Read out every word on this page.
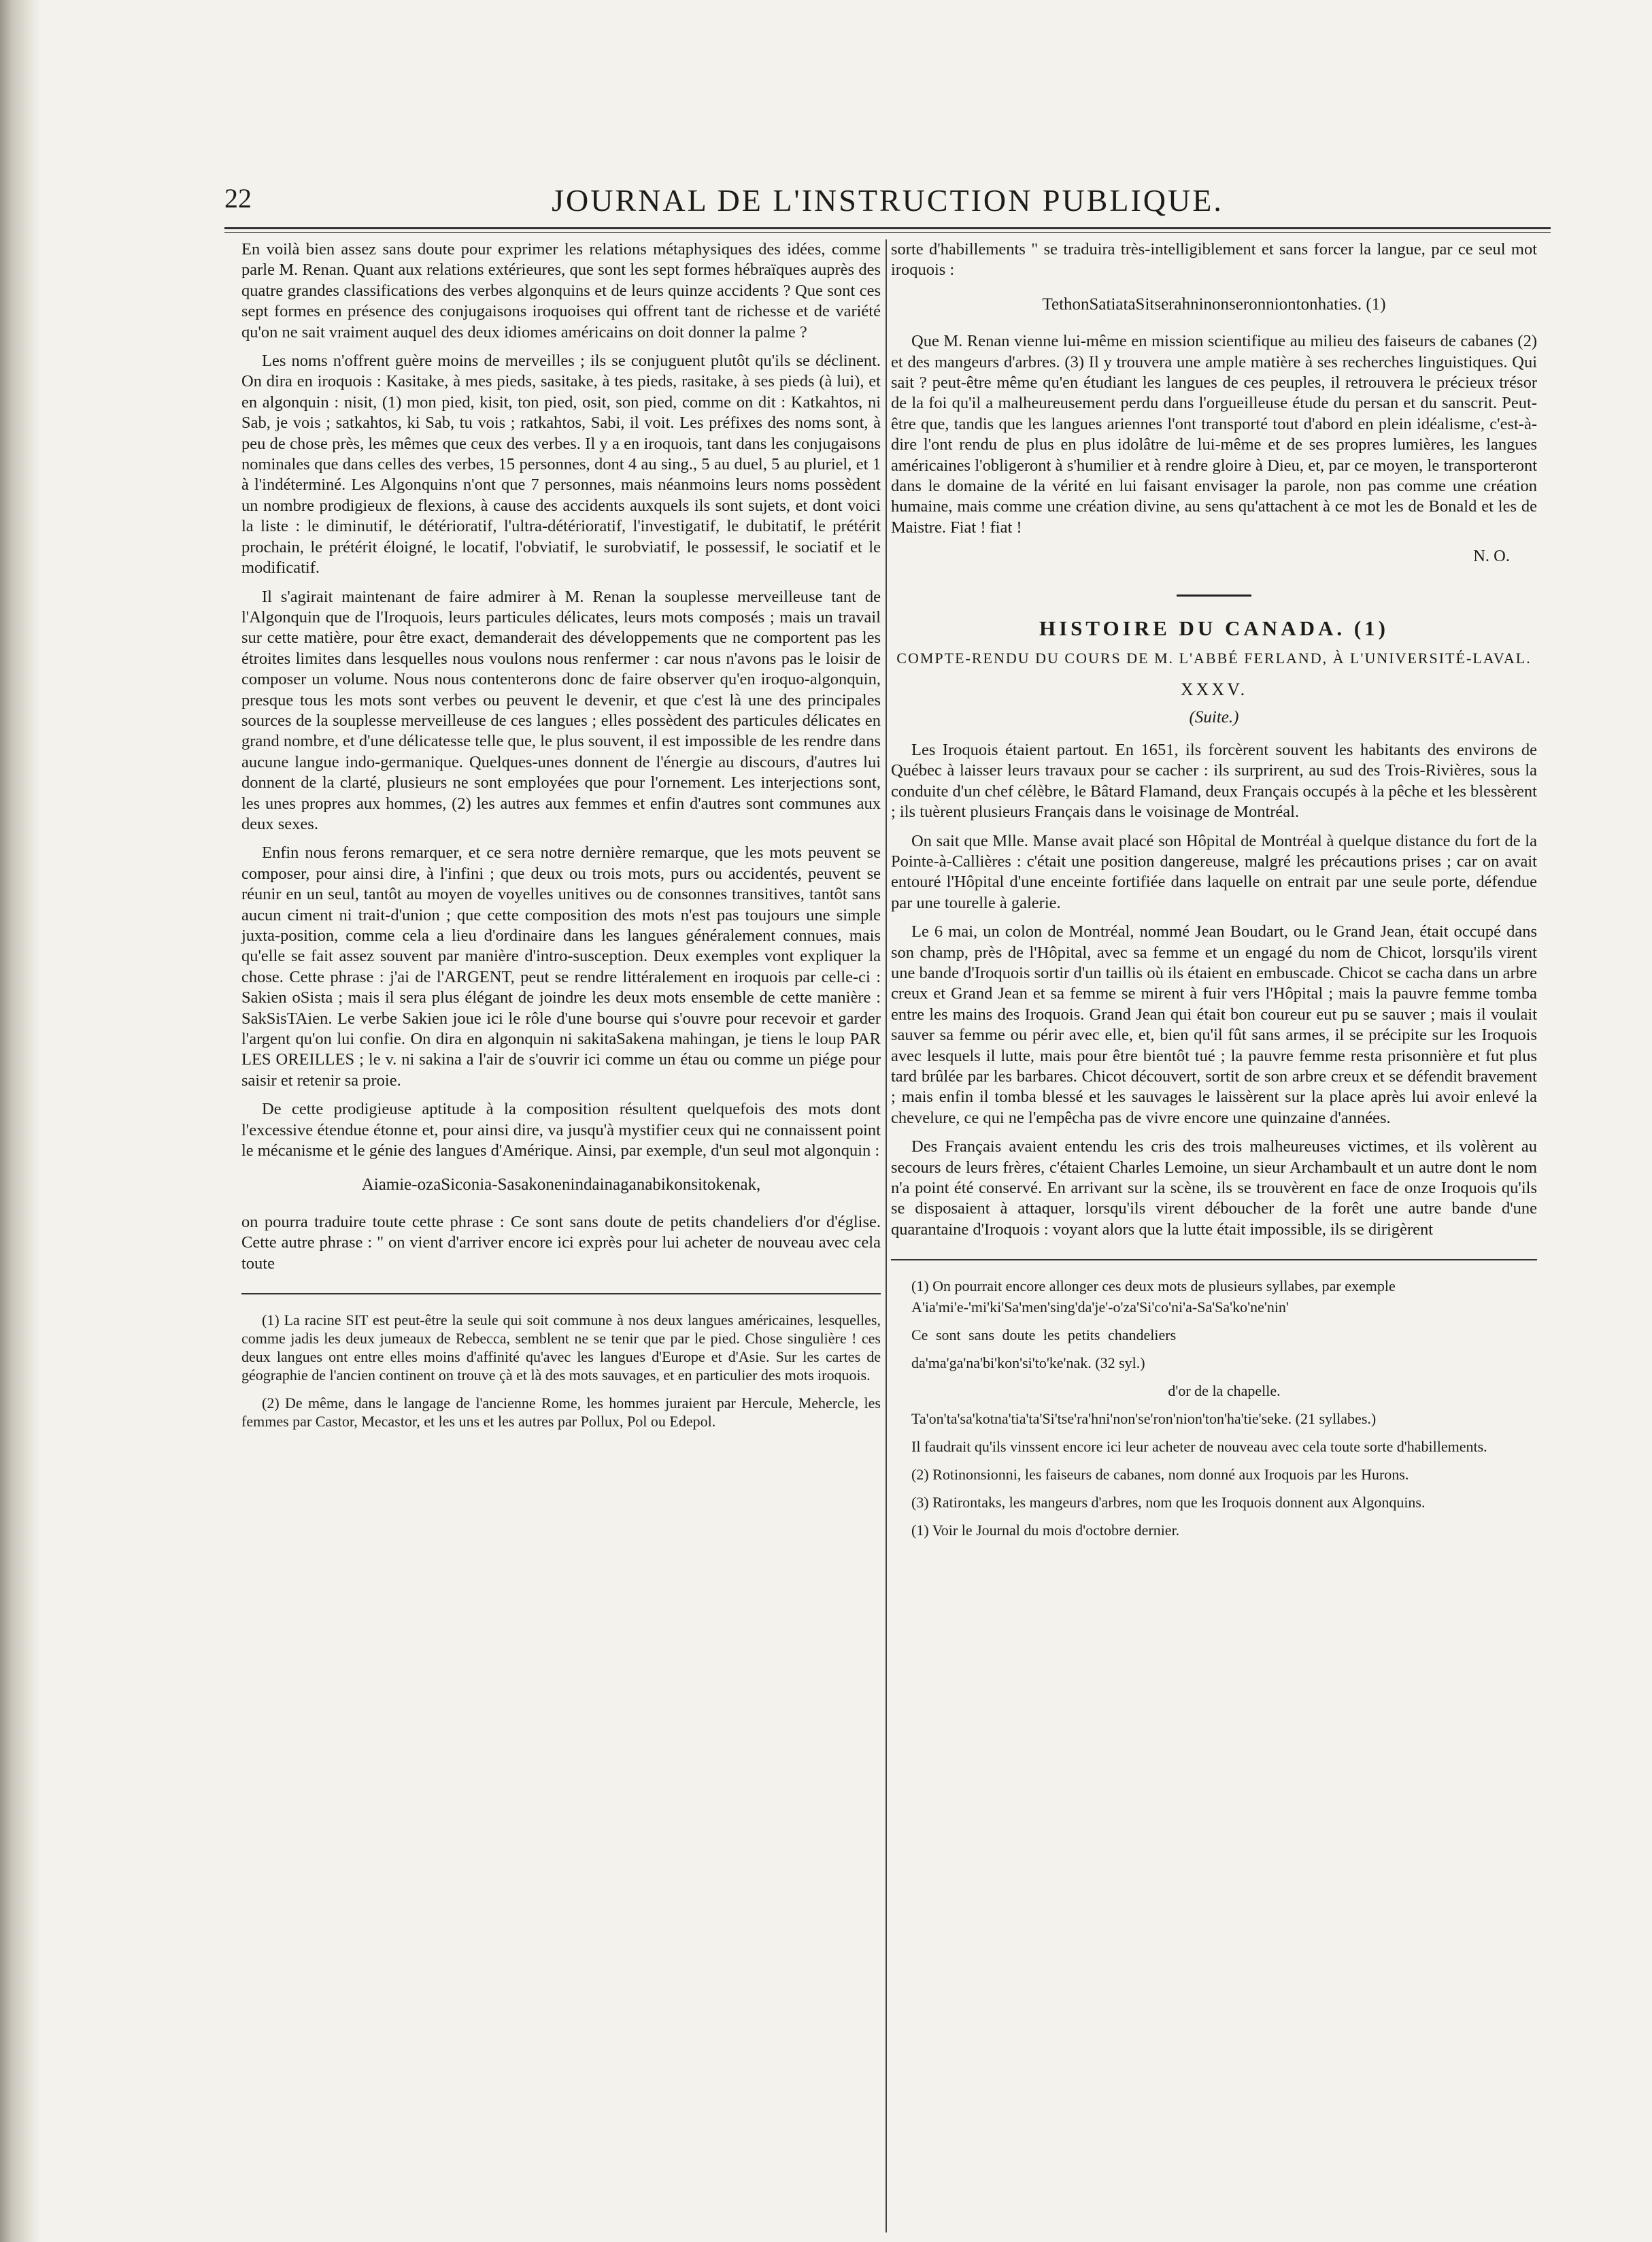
22	JOURNAL DE L'INSTRUCTION PUBLIQUE.

En voilà bien assez sans doute pour exprimer les relations métaphysiques des idées, comme parle M. Renan. Quant aux relations extérieures, que sont les sept formes hébraïques auprès des quatre grandes classifications des verbes algonquins et de leurs quinze accidents ? Que sont ces sept formes en présence des conjugaisons iroquoises qui offrent tant de richesse et de variété qu'on ne sait vraiment auquel des deux idiomes américains on doit donner la palme ?

Les noms n'offrent guère moins de merveilles ; ils se conjuguent plutôt qu'ils se déclinent. On dira en iroquois : Kasitake, à mes pieds, sasitake, à tes pieds, rasitake, à ses pieds (à lui), et en algonquin : nisit, (1) mon pied, kisit, ton pied, osit, son pied, comme on dit : Katkahtos, ni Sab, je vois ; satkahtos, ki Sab, tu vois ; ratkahtos, Sabi, il voit. Les préfixes des noms sont, à peu de chose près, les mêmes que ceux des verbes. Il y a en iroquois, tant dans les conjugaisons nominales que dans celles des verbes, 15 personnes, dont 4 au sing., 5 au duel, 5 au pluriel, et 1 à l'indéterminé. Les Algonquins n'ont que 7 personnes, mais néanmoins leurs noms possèdent un nombre prodigieux de flexions, à cause des accidents auxquels ils sont sujets, et dont voici la liste : le diminutif, le détérioratif, l'ultra-détérioratif, l'investigatif, le dubitatif, le prétérit prochain, le prétérit éloigné, le locatif, l'obviatif, le surobviatif, le possessif, le sociatif et le modificatif.

Il s'agirait maintenant de faire admirer à M. Renan la souplesse merveilleuse tant de l'Algonquin que de l'Iroquois, leurs particules délicates, leurs mots composés ; mais un travail sur cette matière, pour être exact, demanderait des développements que ne comportent pas les étroites limites dans lesquelles nous voulons nous renfermer : car nous n'avons pas le loisir de composer un volume. Nous nous contenterons donc de faire observer qu'en iroquo-algonquin, presque tous les mots sont verbes ou peuvent le devenir, et que c'est là une des principales sources de la souplesse merveilleuse de ces langues ; elles possèdent des particules délicates en grand nombre, et d'une délicatesse telle que, le plus souvent, il est impossible de les rendre dans aucune langue indo-germanique. Quelques-unes donnent de l'énergie au discours, d'autres lui donnent de la clarté, plusieurs ne sont employées que pour l'ornement. Les interjections sont, les unes propres aux hommes, (2) les autres aux femmes et enfin d'autres sont communes aux deux sexes.

Enfin nous ferons remarquer, et ce sera notre dernière remarque, que les mots peuvent se composer, pour ainsi dire, à l'infini ; que deux ou trois mots, purs ou accidentés, peuvent se réunir en un seul, tantôt au moyen de voyelles unitives ou de consonnes transitives, tantôt sans aucun ciment ni trait-d'union ; que cette composition des mots n'est pas toujours une simple juxta-position, comme cela a lieu d'ordinaire dans les langues généralement connues, mais qu'elle se fait assez souvent par manière d'intro-susception. Deux exemples vont expliquer la chose. Cette phrase : j'ai de l'ARGENT, peut se rendre littéralement en iroquois par celle-ci : Sakien oSista ; mais il sera plus élégant de joindre les deux mots ensemble de cette manière : SakSisTAien. Le verbe Sakien joue ici le rôle d'une bourse qui s'ouvre pour recevoir et garder l'argent qu'on lui confie. On dira en algonquin ni sakitaSakena mahingan, je tiens le loup PAR LES OREILLES ; le v. ni sakina a l'air de s'ouvrir ici comme un étau ou comme un piége pour saisir et retenir sa proie.

De cette prodigieuse aptitude à la composition résultent quelquefois des mots dont l'excessive étendue étonne et, pour ainsi dire, va jusqu'à mystifier ceux qui ne connaissent point le mécanisme et le génie des langues d'Amérique. Ainsi, par exemple, d'un seul mot algonquin :

Aiamie-ozaSiconia-Sasakonenindainaganabikonsitokenak,

on pourra traduire toute cette phrase : Ce sont sans doute de petits chandeliers d'or d'église. Cette autre phrase : " on vient d'arriver encore ici exprès pour lui acheter de nouveau avec cela toute

(1) La racine SIT est peut-être la seule qui soit commune à nos deux langues américaines, lesquelles, comme jadis les deux jumeaux de Rebecca, semblent ne se tenir que par le pied. Chose singulière ! ces deux langues ont entre elles moins d'affinité qu'avec les langues d'Europe et d'Asie. Sur les cartes de géographie de l'ancien continent on trouve çà et là des mots sauvages, et en particulier des mots iroquois.

(2) De même, dans le langage de l'ancienne Rome, les hommes juraient par Hercule, Mehercle, les femmes par Castor, Mecastor, et les uns et les autres par Pollux, Pol ou Edepol.

sorte d'habillements " se traduira très-intelligiblement et sans forcer la langue, par ce seul mot iroquois :

TethonSatiataSitserahninonseronniontonhaties. (1)

Que M. Renan vienne lui-même en mission scientifique au milieu des faiseurs de cabanes (2) et des mangeurs d'arbres. (3) Il y trouvera une ample matière à ses recherches linguistiques. Qui sait ? peut-être même qu'en étudiant les langues de ces peuples, il retrouvera le précieux trésor de la foi qu'il a malheureusement perdu dans l'orgueilleuse étude du persan et du sanscrit. Peut-être que, tandis que les langues ariennes l'ont transporté tout d'abord en plein idéalisme, c'est-à-dire l'ont rendu de plus en plus idolâtre de lui-même et de ses propres lumières, les langues américaines l'obligeront à s'humilier et à rendre gloire à Dieu, et, par ce moyen, le transporteront dans le domaine de la vérité en lui faisant envisager la parole, non pas comme une création humaine, mais comme une création divine, au sens qu'attachent à ce mot les de Bonald et les de Maistre. Fiat ! fiat !

N. O.

HISTOIRE DU CANADA. (1)
COMPTE-RENDU DU COURS DE M. L'ABBÉ FERLAND, À L'UNIVERSITÉ-LAVAL.
XXXV.
(Suite.)

Les Iroquois étaient partout. En 1651, ils forcèrent souvent les habitants des environs de Québec à laisser leurs travaux pour se cacher : ils surprirent, au sud des Trois-Rivières, sous la conduite d'un chef célèbre, le Bâtard Flamand, deux Français occupés à la pêche et les blessèrent ; ils tuèrent plusieurs Français dans le voisinage de Montréal.

On sait que Mlle. Manse avait placé son Hôpital de Montréal à quelque distance du fort de la Pointe-à-Callières : c'était une position dangereuse, malgré les précautions prises ; car on avait entouré l'Hôpital d'une enceinte fortifiée dans laquelle on entrait par une seule porte, défendue par une tourelle à galerie.

Le 6 mai, un colon de Montréal, nommé Jean Boudart, ou le Grand Jean, était occupé dans son champ, près de l'Hôpital, avec sa femme et un engagé du nom de Chicot, lorsqu'ils virent une bande d'Iroquois sortir d'un taillis où ils étaient en embuscade. Chicot se cacha dans un arbre creux et Grand Jean et sa femme se mirent à fuir vers l'Hôpital ; mais la pauvre femme tomba entre les mains des Iroquois. Grand Jean qui était bon coureur eut pu se sauver ; mais il voulait sauver sa femme ou périr avec elle, et, bien qu'il fût sans armes, il se précipite sur les Iroquois avec lesquels il lutte, mais pour être bientôt tué ; la pauvre femme resta prisonnière et fut plus tard brûlée par les barbares. Chicot découvert, sortit de son arbre creux et se défendit bravement ; mais enfin il tomba blessé et les sauvages le laissèrent sur la place après lui avoir enlevé la chevelure, ce qui ne l'empêcha pas de vivre encore une quinzaine d'années.

Des Français avaient entendu les cris des trois malheureuses victimes, et ils volèrent au secours de leurs frères, c'étaient Charles Lemoine, un sieur Archambault et un autre dont le nom n'a point été conservé. En arrivant sur la scène, ils se trouvèrent en face de onze Iroquois qu'ils se disposaient à attaquer, lorsqu'ils virent déboucher de la forêt une autre bande d'une quarantaine d'Iroquois : voyant alors que la lutte était impossible, ils se dirigèrent

(1) On pourrait encore allonger ces deux mots de plusieurs syllabes, par exemple

A'ia'mi'e-'mi'ki'Sa'men'sing'da'je'-o'za'Si'co'ni'a-Sa'Sa'ko'ne'nin'

Ce sont sans doute les petits chandeliers

da'ma'ga'na'bi'kon'si'to'ke'nak. (32 syl.)

d'or de la chapelle.

Ta'on'ta'sa'kotna'tia'ta'Si'tse'ra'hni'non'se'ron'nion'ton'ha'tie'seke. (21 syllabes.)

Il faudrait qu'ils vinssent encore ici leur acheter de nouveau avec cela toute sorte d'habillements.

(2) Rotinonsionni, les faiseurs de cabanes, nom donné aux Iroquois par les Hurons.

(3) Ratirontaks, les mangeurs d'arbres, nom que les Iroquois donnent aux Algonquins.

(1) Voir le Journal du mois d'octobre dernier.
